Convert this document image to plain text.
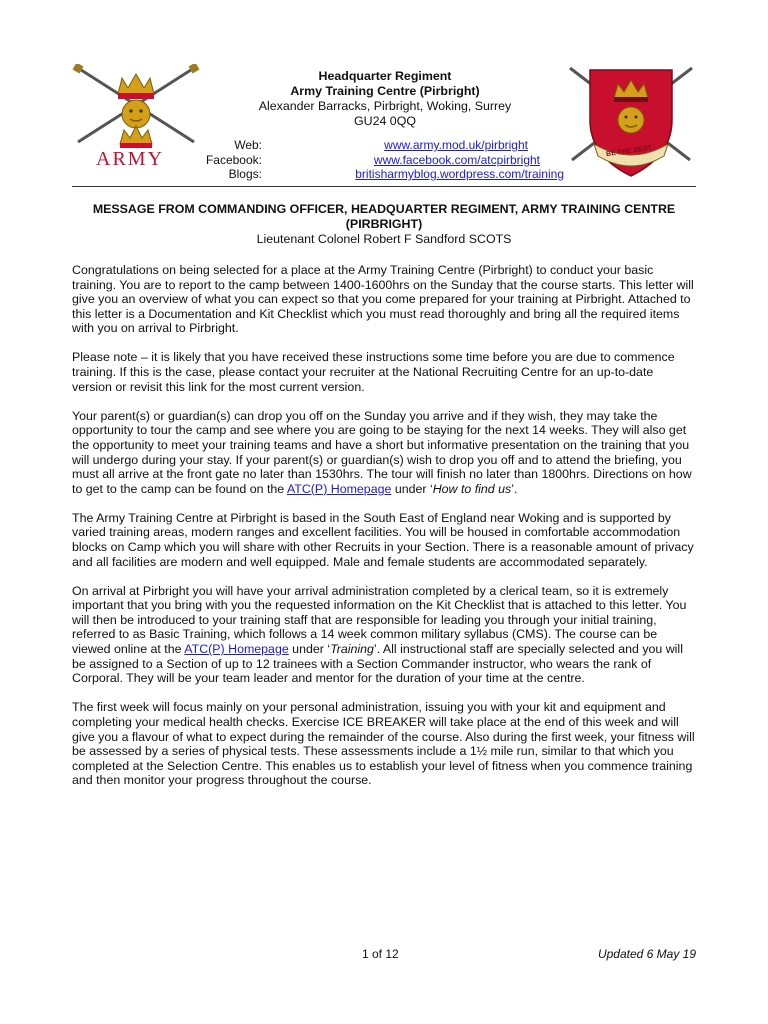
ARMY
Headquarter Regiment
Army Training Centre (Pirbright)
Alexander Barracks, Pirbright, Woking, Surrey
GU24 0QQ
Web:	www.army.mod.uk/pirbright
Facebook:	www.facebook.com/atcpirbright
Blogs:	britisharmyblog.wordpress.com/training
BE THE BEST
MESSAGE FROM COMMANDING OFFICER, HEADQUARTER REGIMENT, ARMY TRAINING CENTRE (PIRBRIGHT)
Lieutenant Colonel Robert F Sandford SCOTS

Congratulations on being selected for a place at the Army Training Centre (Pirbright) to conduct your basic training. You are to report to the camp between 1400-1600hrs on the Sunday that the course starts. This letter will give you an overview of what you can expect so that you come prepared for your training at Pirbright. Attached to this letter is a Documentation and Kit Checklist which you must read thoroughly and bring all the required items with you on arrival to Pirbright.

Please note – it is likely that you have received these instructions some time before you are due to commence training. If this is the case, please contact your recruiter at the National Recruiting Centre for an up-to-date version or revisit this link for the most current version.

Your parent(s) or guardian(s) can drop you off on the Sunday you arrive and if they wish, they may take the opportunity to tour the camp and see where you are going to be staying for the next 14 weeks. They will also get the opportunity to meet your training teams and have a short but informative presentation on the training that you will undergo during your stay. If your parent(s) or guardian(s) wish to drop you off and to attend the briefing, you must all arrive at the front gate no later than 1530hrs. The tour will finish no later than 1800hrs. Directions on how to get to the camp can be found on the ATC(P) Homepage under ‘How to find us’.

The Army Training Centre at Pirbright is based in the South East of England near Woking and is supported by varied training areas, modern ranges and excellent facilities. You will be housed in comfortable accommodation blocks on Camp which you will share with other Recruits in your Section. There is a reasonable amount of privacy and all facilities are modern and well equipped. Male and female students are accommodated separately.

On arrival at Pirbright you will have your arrival administration completed by a clerical team, so it is extremely important that you bring with you the requested information on the Kit Checklist that is attached to this letter. You will then be introduced to your training staff that are responsible for leading you through your initial training, referred to as Basic Training, which follows a 14 week common military syllabus (CMS). The course can be viewed online at the ATC(P) Homepage under ‘Training’. All instructional staff are specially selected and you will be assigned to a Section of up to 12 trainees with a Section Commander instructor, who wears the rank of Corporal. They will be your team leader and mentor for the duration of your time at the centre.

The first week will focus mainly on your personal administration, issuing you with your kit and equipment and completing your medical health checks. Exercise ICE BREAKER will take place at the end of this week and will give you a flavour of what to expect during the remainder of the course. Also during the first week, your fitness will be assessed by a series of physical tests. These assessments include a 1½ mile run, similar to that which you completed at the Selection Centre. This enables us to establish your level of fitness when you commence training and then monitor your progress throughout the course.

1 of 12	Updated 6 May 19
